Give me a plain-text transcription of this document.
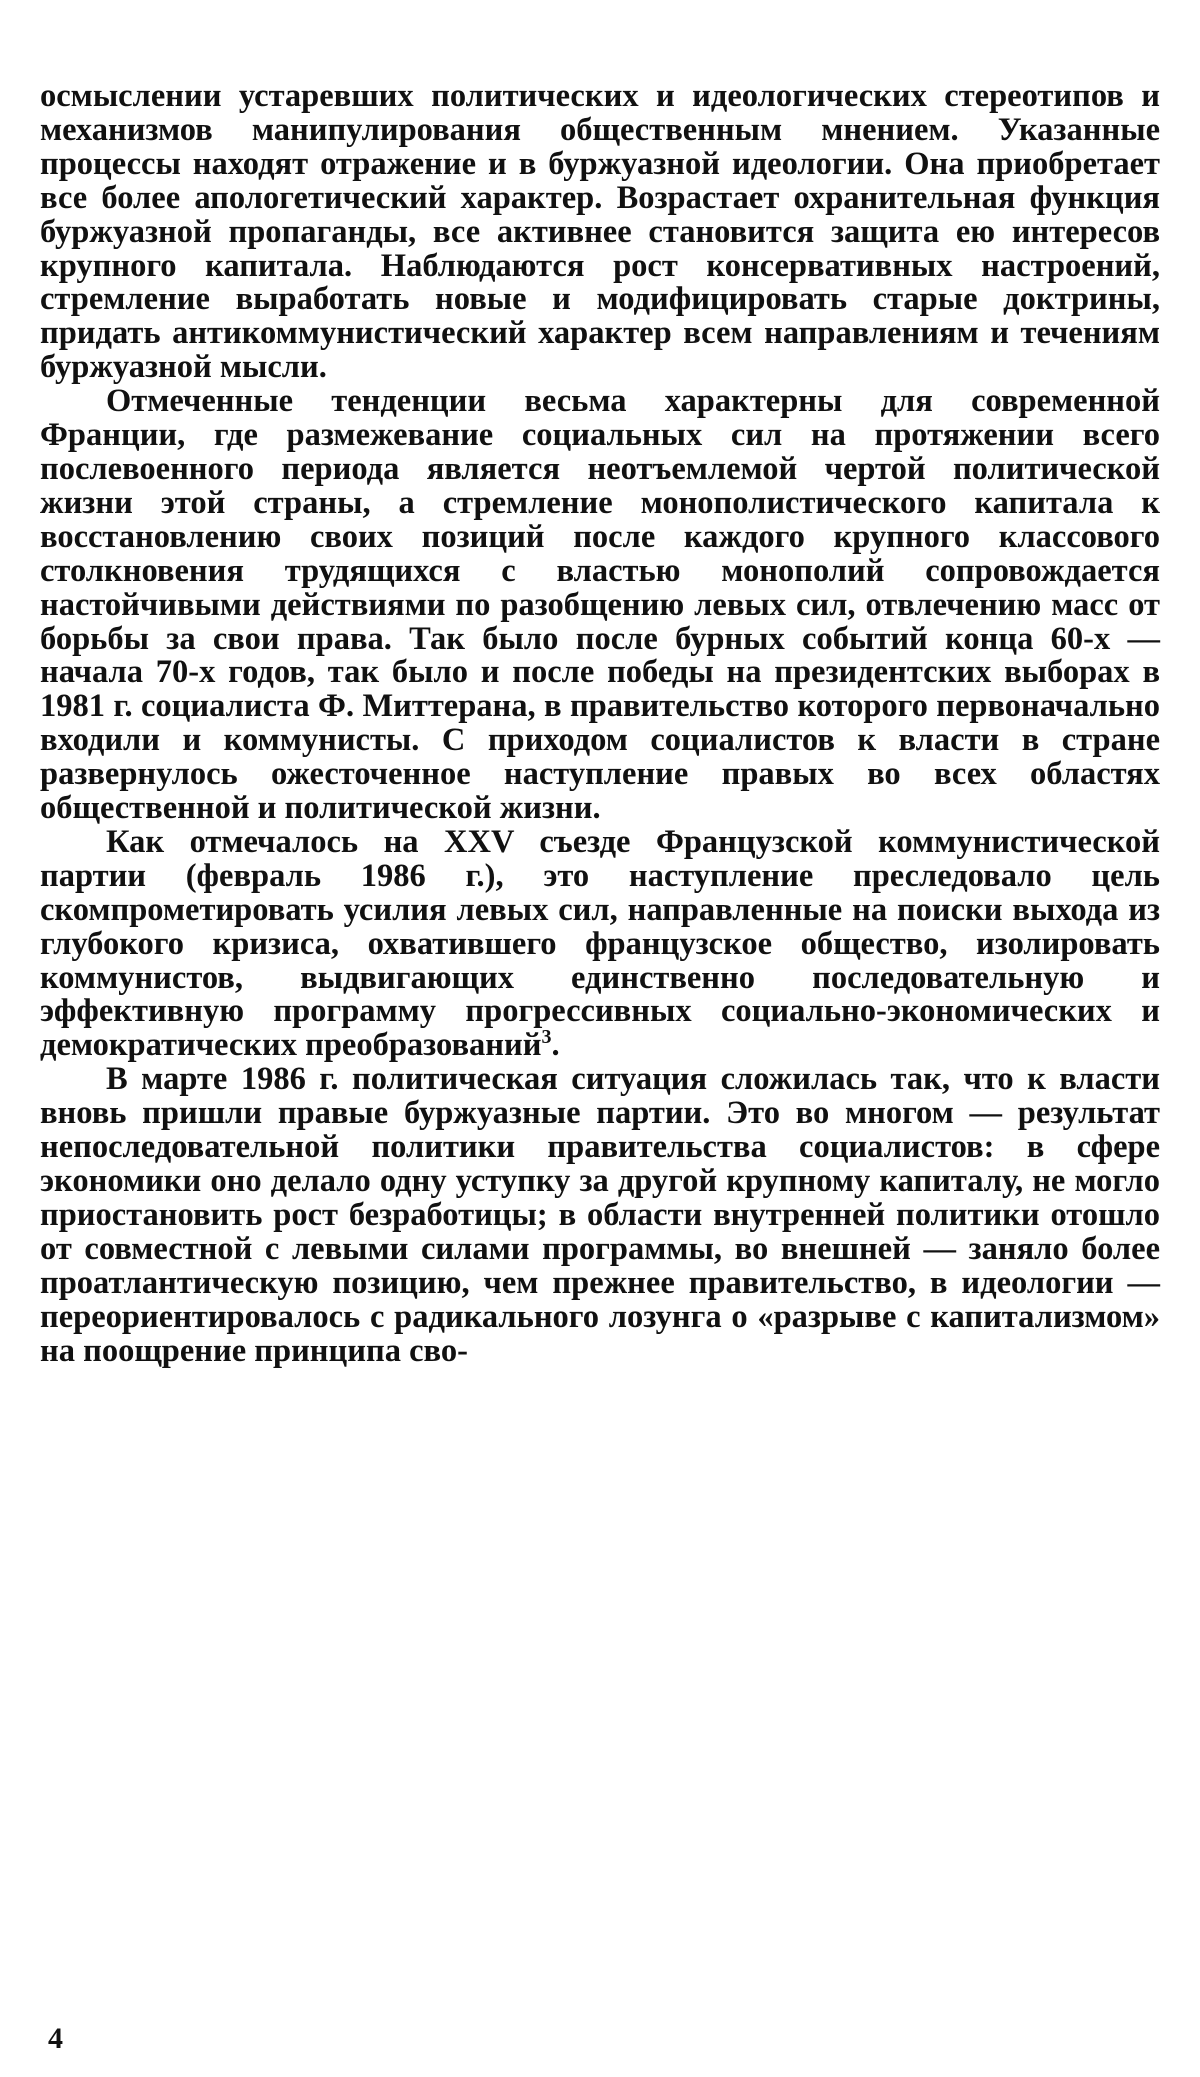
осмыслении устаревших политических и идеологических стереотипов и механизмов манипулирования общественным мнением. Указанные процессы находят отражение и в буржуазной идеологии. Она приобретает все более апологетический характер. Возрастает охранительная функция буржуазной пропаганды, все активнее становится защита ею интересов крупного капитала. Наблюдаются рост консервативных настроений, стремление выработать новые и модифицировать старые доктрины, придать антикоммунистический характер всем направлениям и течениям буржуазной мысли.

Отмеченные тенденции весьма характерны для современной Франции, где размежевание социальных сил на протяжении всего послевоенного периода является неотъемлемой чертой политической жизни этой страны, а стремление монополистического капитала к восстановлению своих позиций после каждого крупного классового столкновения трудящихся с властью монополий сопровождается настойчивыми действиями по разобщению левых сил, отвлечению масс от борьбы за свои права. Так было после бурных событий конца 60-х — начала 70-х годов, так было и после победы на президентских выборах в 1981 г. социалиста Ф. Миттерана, в правительство которого первоначально входили и коммунисты. С приходом социалистов к власти в стране развернулось ожесточенное наступление правых во всех областях общественной и политической жизни.

Как отмечалось на XXV съезде Французской коммунистической партии (февраль 1986 г.), это наступление преследовало цель скомпрометировать усилия левых сил, направленные на поиски выхода из глубокого кризиса, охватившего французское общество, изолировать коммунистов, выдвигающих единственно последовательную и эффективную программу прогрессивных социально-экономических и демократических преобразований$^3$.

В марте 1986 г. политическая ситуация сложилась так, что к власти вновь пришли правые буржуазные партии. Это во многом — результат непоследовательной политики правительства социалистов: в сфере экономики оно делало одну уступку за другой крупному капиталу, не могло приостановить рост безработицы; в области внутренней политики отошло от совместной с левыми силами программы, во внешней — заняло более проатлантическую позицию, чем прежнее правительство, в идеологии — переориентировалось с радикального лозунга о «разрыве с капитализмом» на поощрение принципа сво-

4
